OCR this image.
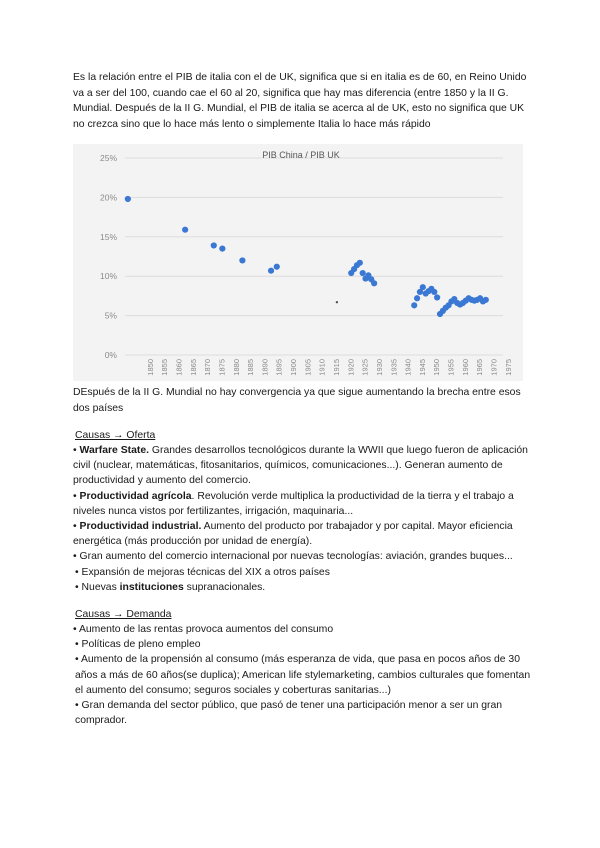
Es la relación entre el PIB de italia con el de UK, significa que si en italia es de 60, en Reino Unido va a ser del 100, cuando cae el 60 al 20, significa que hay mas diferencia (entre 1850 y la II G. Mundial. Después de la II G. Mundial, el PIB de italia se acerca al de UK, esto no significa que UK no crezca sino que lo hace más lento o simplemente Italia lo hace más rápido

0%
5%
10%
15%
20%
25%	PIB China / PIB UK
1850 1855 1860 1865 1870 1875 1880 1885 1890 1895 1900 1905 1910 1915 1920 1925 1930 1935 1940 1945 1950 1955 1960 1965 1970 1975

DEspués de la II G. Mundial no hay convergencia ya que sigue aumentando la brecha entre esos dos países

Causas → Oferta
• Warfare State. Grandes desarrollos tecnológicos durante la WWII que luego fueron de aplicación civil (nuclear, matemáticas, fitosanitarios, químicos, comunicaciones...). Generan aumento de productividad y aumento del comercio.
• Productividad agrícola. Revolución verde multiplica la productividad de la tierra y el trabajo a niveles nunca vistos por fertilizantes, irrigación, maquinaria...
• Productividad industrial. Aumento del producto por trabajador y por capital. Mayor eficiencia energética (más producción por unidad de energía).
• Gran aumento del comercio internacional por nuevas tecnologías: aviación, grandes buques...
• Expansión de mejoras técnicas del XIX a otros países
• Nuevas instituciones supranacionales.
Causas → Demanda
• Aumento de las rentas provoca aumentos del consumo
• Políticas de pleno empleo
• Aumento de la propensión al consumo (más esperanza de vida, que pasa en pocos años de 30 años a más de 60 años(se duplica); American life stylemarketing, cambios culturales que fomentan el aumento del consumo; seguros sociales y coberturas sanitarias...)
• Gran demanda del sector público, que pasó de tener una participación menor a ser un gran comprador.
